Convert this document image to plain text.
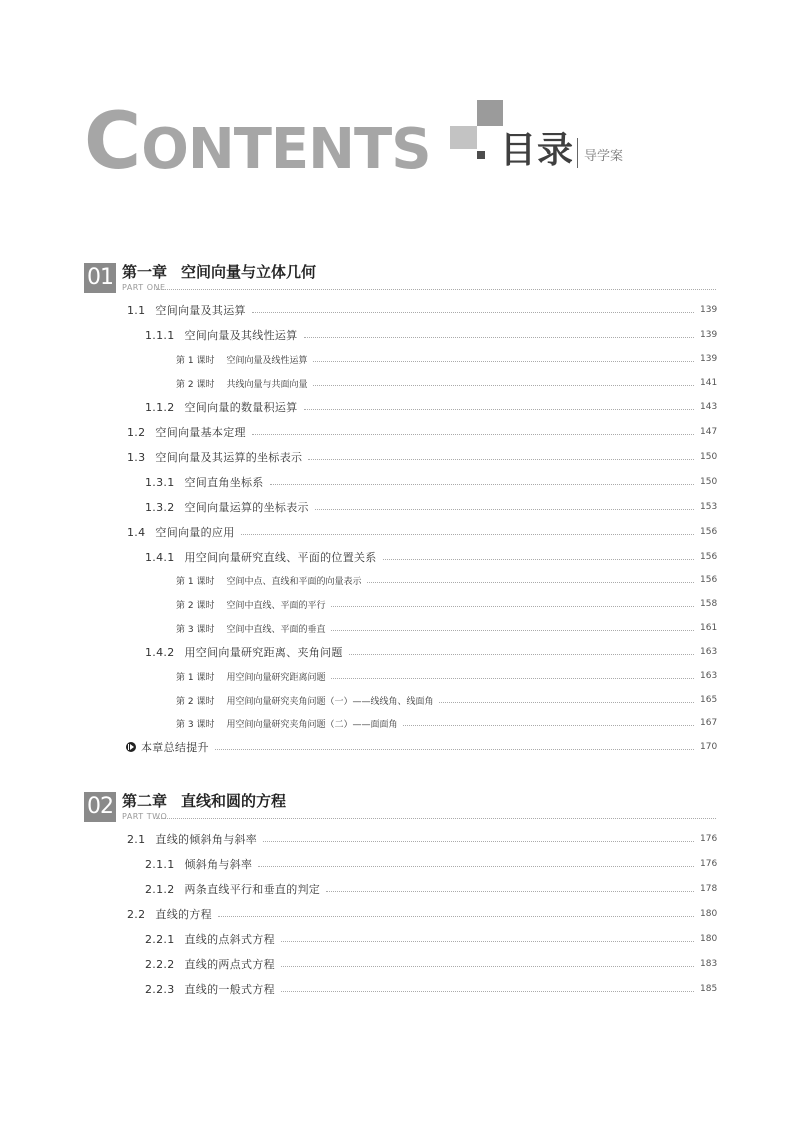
C ONTENTS 目录 导学案
01 第一章 空间向量与立体几何
PART ONE
1.1 空间向量及其运算	139
1.1.1 空间向量及其线性运算	139
第 1 课时 空间向量及线性运算	139
第 2 课时 共线向量与共面向量	141
1.1.2 空间向量的数量积运算	143
1.2 空间向量基本定理	147
1.3 空间向量及其运算的坐标表示	150
1.3.1 空间直角坐标系	150
1.3.2 空间向量运算的坐标表示	153
1.4 空间向量的应用	156
1.4.1 用空间向量研究直线、平面的位置关系	156
第 1 课时 空间中点、直线和平面的向量表示	156
第 2 课时 空间中直线、平面的平行	158
第 3 课时 空间中直线、平面的垂直	161
1.4.2 用空间向量研究距离、夹角问题	163
第 1 课时 用空间向量研究距离问题	163
第 2 课时 用空间向量研究夹角问题（一）——线线角、线面角	165
第 3 课时 用空间向量研究夹角问题（二）——面面角	167
本章总结提升	170
02 第二章 直线和圆的方程
PART TWO
2.1 直线的倾斜角与斜率	176
2.1.1 倾斜角与斜率	176
2.1.2 两条直线平行和垂直的判定	178
2.2 直线的方程	180
2.2.1 直线的点斜式方程	180
2.2.2 直线的两点式方程	183
2.2.3 直线的一般式方程	185
